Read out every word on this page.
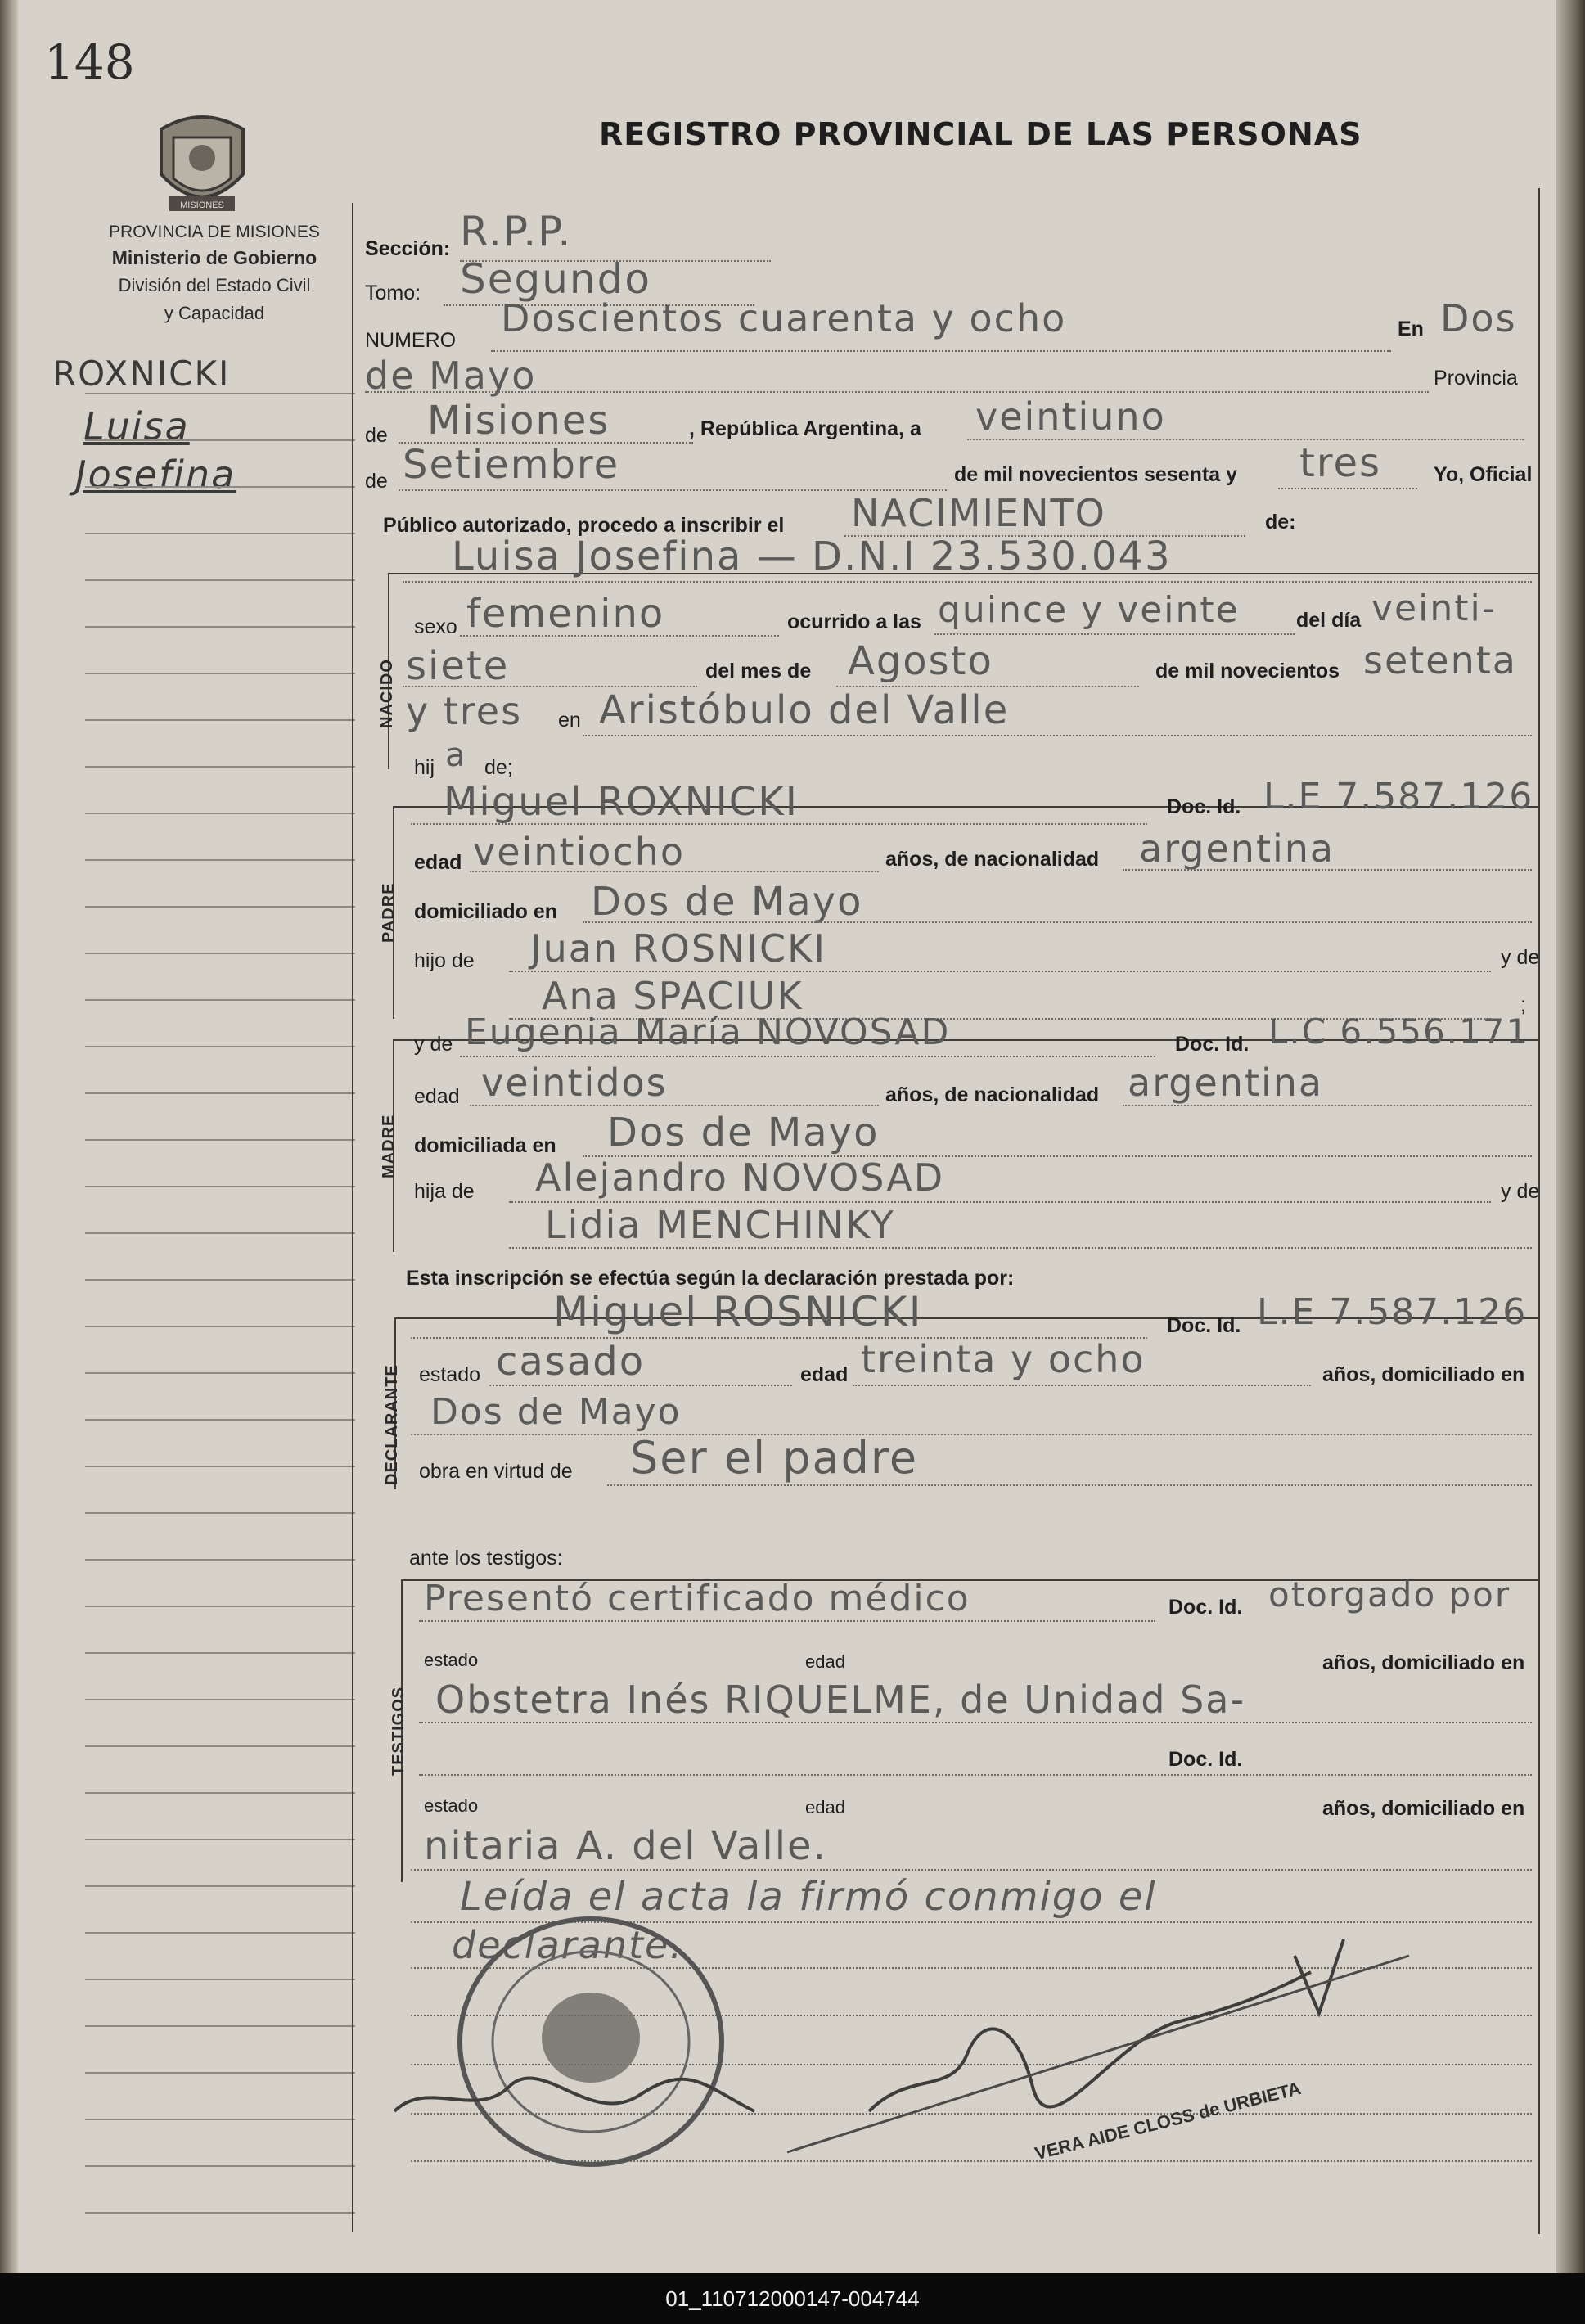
148
MISIONES
PROVINCIA DE MISIONES
Ministerio de Gobierno
División del Estado Civil
y Capacidad
REGISTRO PROVINCIAL DE LAS PERSONAS
ROXNICKI
Luisa
Josefina
NACIDO
PADRE
MADRE
DECLARANTE
TESTIGOS
Sección: R.P.P.
Tomo: Segundo
NUMERO Doscientos cuarenta y ocho	En Dos
de Mayo	Provincia
de Misiones	, República Argentina, a veintiuno
de Setiembre	de mil novecientos sesenta y tres	Yo, Oficial
Público autorizado, procedo a inscribir el NACIMIENTO	de:
Luisa Josefina — D.N.I 23.530.043
sexo femenino	ocurrido a las quince y veinte	del día veinti-
siete	del mes de Agosto	de mil novecientos setenta
y tres en Aristóbulo del Valle
hij a de;
Miguel ROXNICKI	Doc. Id. L.E 7.587.126
edad veintiocho	años, de nacionalidad argentina
domiciliado en Dos de Mayo
hijo de Juan ROSNICKI	y de
Ana SPACIUK	;
y de Eugenia María NOVOSAD	Doc. Id. L.C 6.556.171
edad veintidos	años, de nacionalidad argentina
domiciliada en Dos de Mayo
hija de Alejandro NOVOSAD	y de
Lidia MENCHINKY
Esta inscripción se efectúa según la declaración prestada por:
Miguel ROSNICKI	Doc. Id. L.E 7.587.126
estado casado	edad treinta y ocho	años, domiciliado en
Dos de Mayo
obra en virtud de Ser el padre
ante los testigos:
Presentó certificado médico	Doc. Id. otorgado por
estado	edad	años, domiciliado en
Obstetra Inés RIQUELME, de Unidad Sa-
Doc. Id.
estado	edad	años, domiciliado en
nitaria A. del Valle.
Leída el acta la firmó conmigo el
declarante.
VERA AIDE CLOSS de URBIETA
01_110712000147-004744
